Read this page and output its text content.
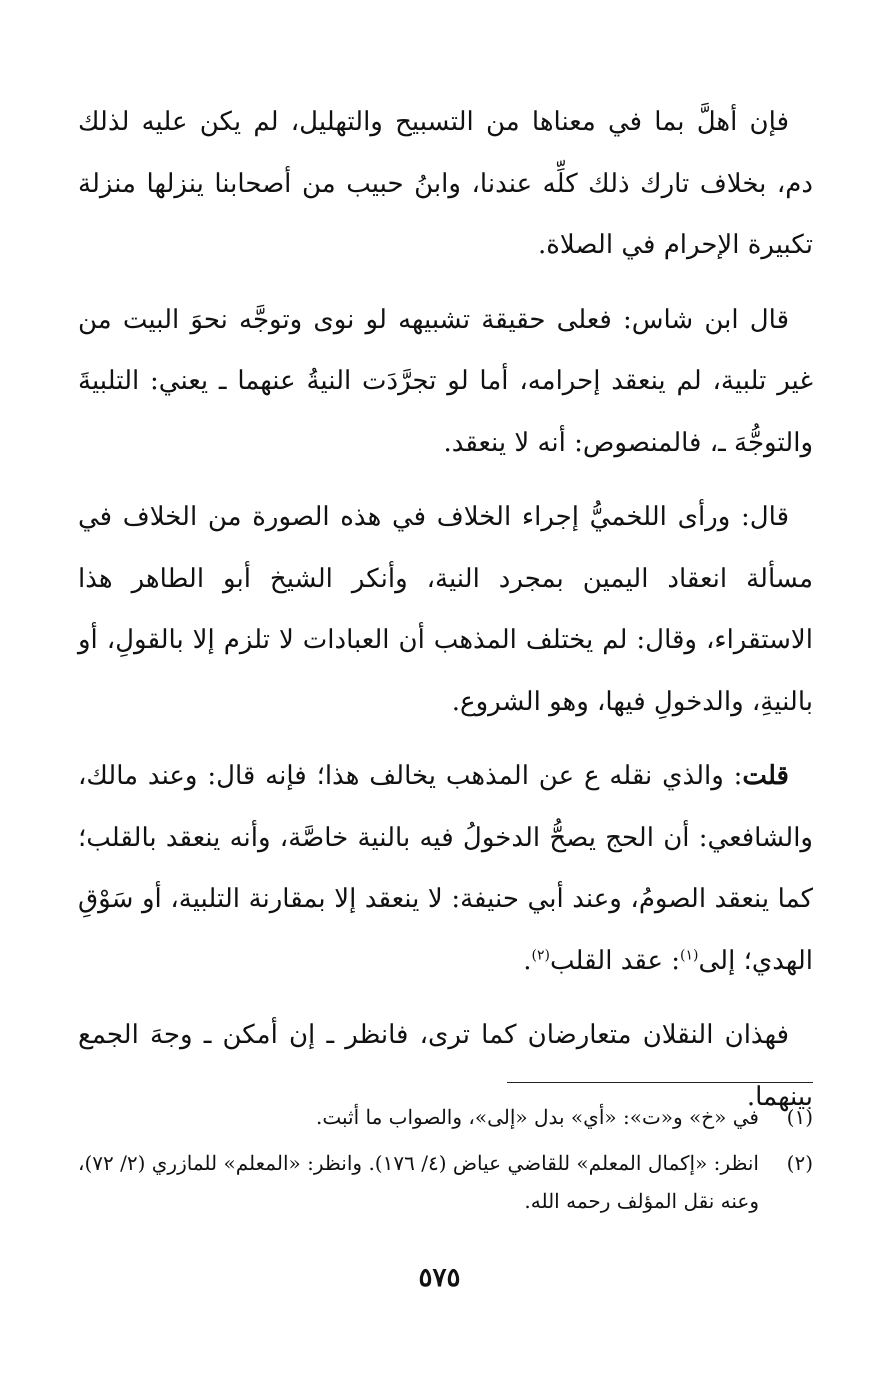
فإن أهلَّ بما في معناها من التسبيح والتهليل، لم يكن عليه لذلك دم، بخلاف تارك ذلك كلِّه عندنا، وابنُ حبيب من أصحابنا ينزلها منزلة تكبيرة الإحرام في الصلاة.

قال ابن شاس: فعلى حقيقة تشبيهه لو نوى وتوجَّه نحوَ البيت من غير تلبية، لم ينعقد إحرامه، أما لو تجرَّدَت النيةُ عنهما ـ يعني: التلبيةَ والتوجُّهَ ـ، فالمنصوص: أنه لا ينعقد.

قال: ورأى اللخميُّ إجراء الخلاف في هذه الصورة من الخلاف في مسألة انعقاد اليمين بمجرد النية، وأنكر الشيخ أبو الطاهر هذا الاستقراء، وقال: لم يختلف المذهب أن العبادات لا تلزم إلا بالقولِ، أو بالنيةِ، والدخولِ فيها، وهو الشروع.

قلت: والذي نقله ع عن المذهب يخالف هذا؛ فإنه قال: وعند مالك، والشافعي: أن الحج يصحُّ الدخولُ فيه بالنية خاصَّة، وأنه ينعقد بالقلب؛ كما ينعقد الصومُ، وعند أبي حنيفة: لا ينعقد إلا بمقارنة التلبية، أو سَوْقِ الهدي؛ إلى$^{(١)}$: عقد القلب$^{(٢)}$.

فهذان النقلان متعارضان كما ترى، فانظر ـ إن أمكن ـ وجهَ الجمع بينهما.

(١)
في «خ» و«ت»: «أي» بدل «إلى»، والصواب ما أثبت.
(٢)
انظر: «إكمال المعلم» للقاضي عياض (٤/ ١٧٦). وانظر: «المعلم» للمازري (٢/ ٧٢)، وعنه نقل المؤلف رحمه الله.
٥٧٥
